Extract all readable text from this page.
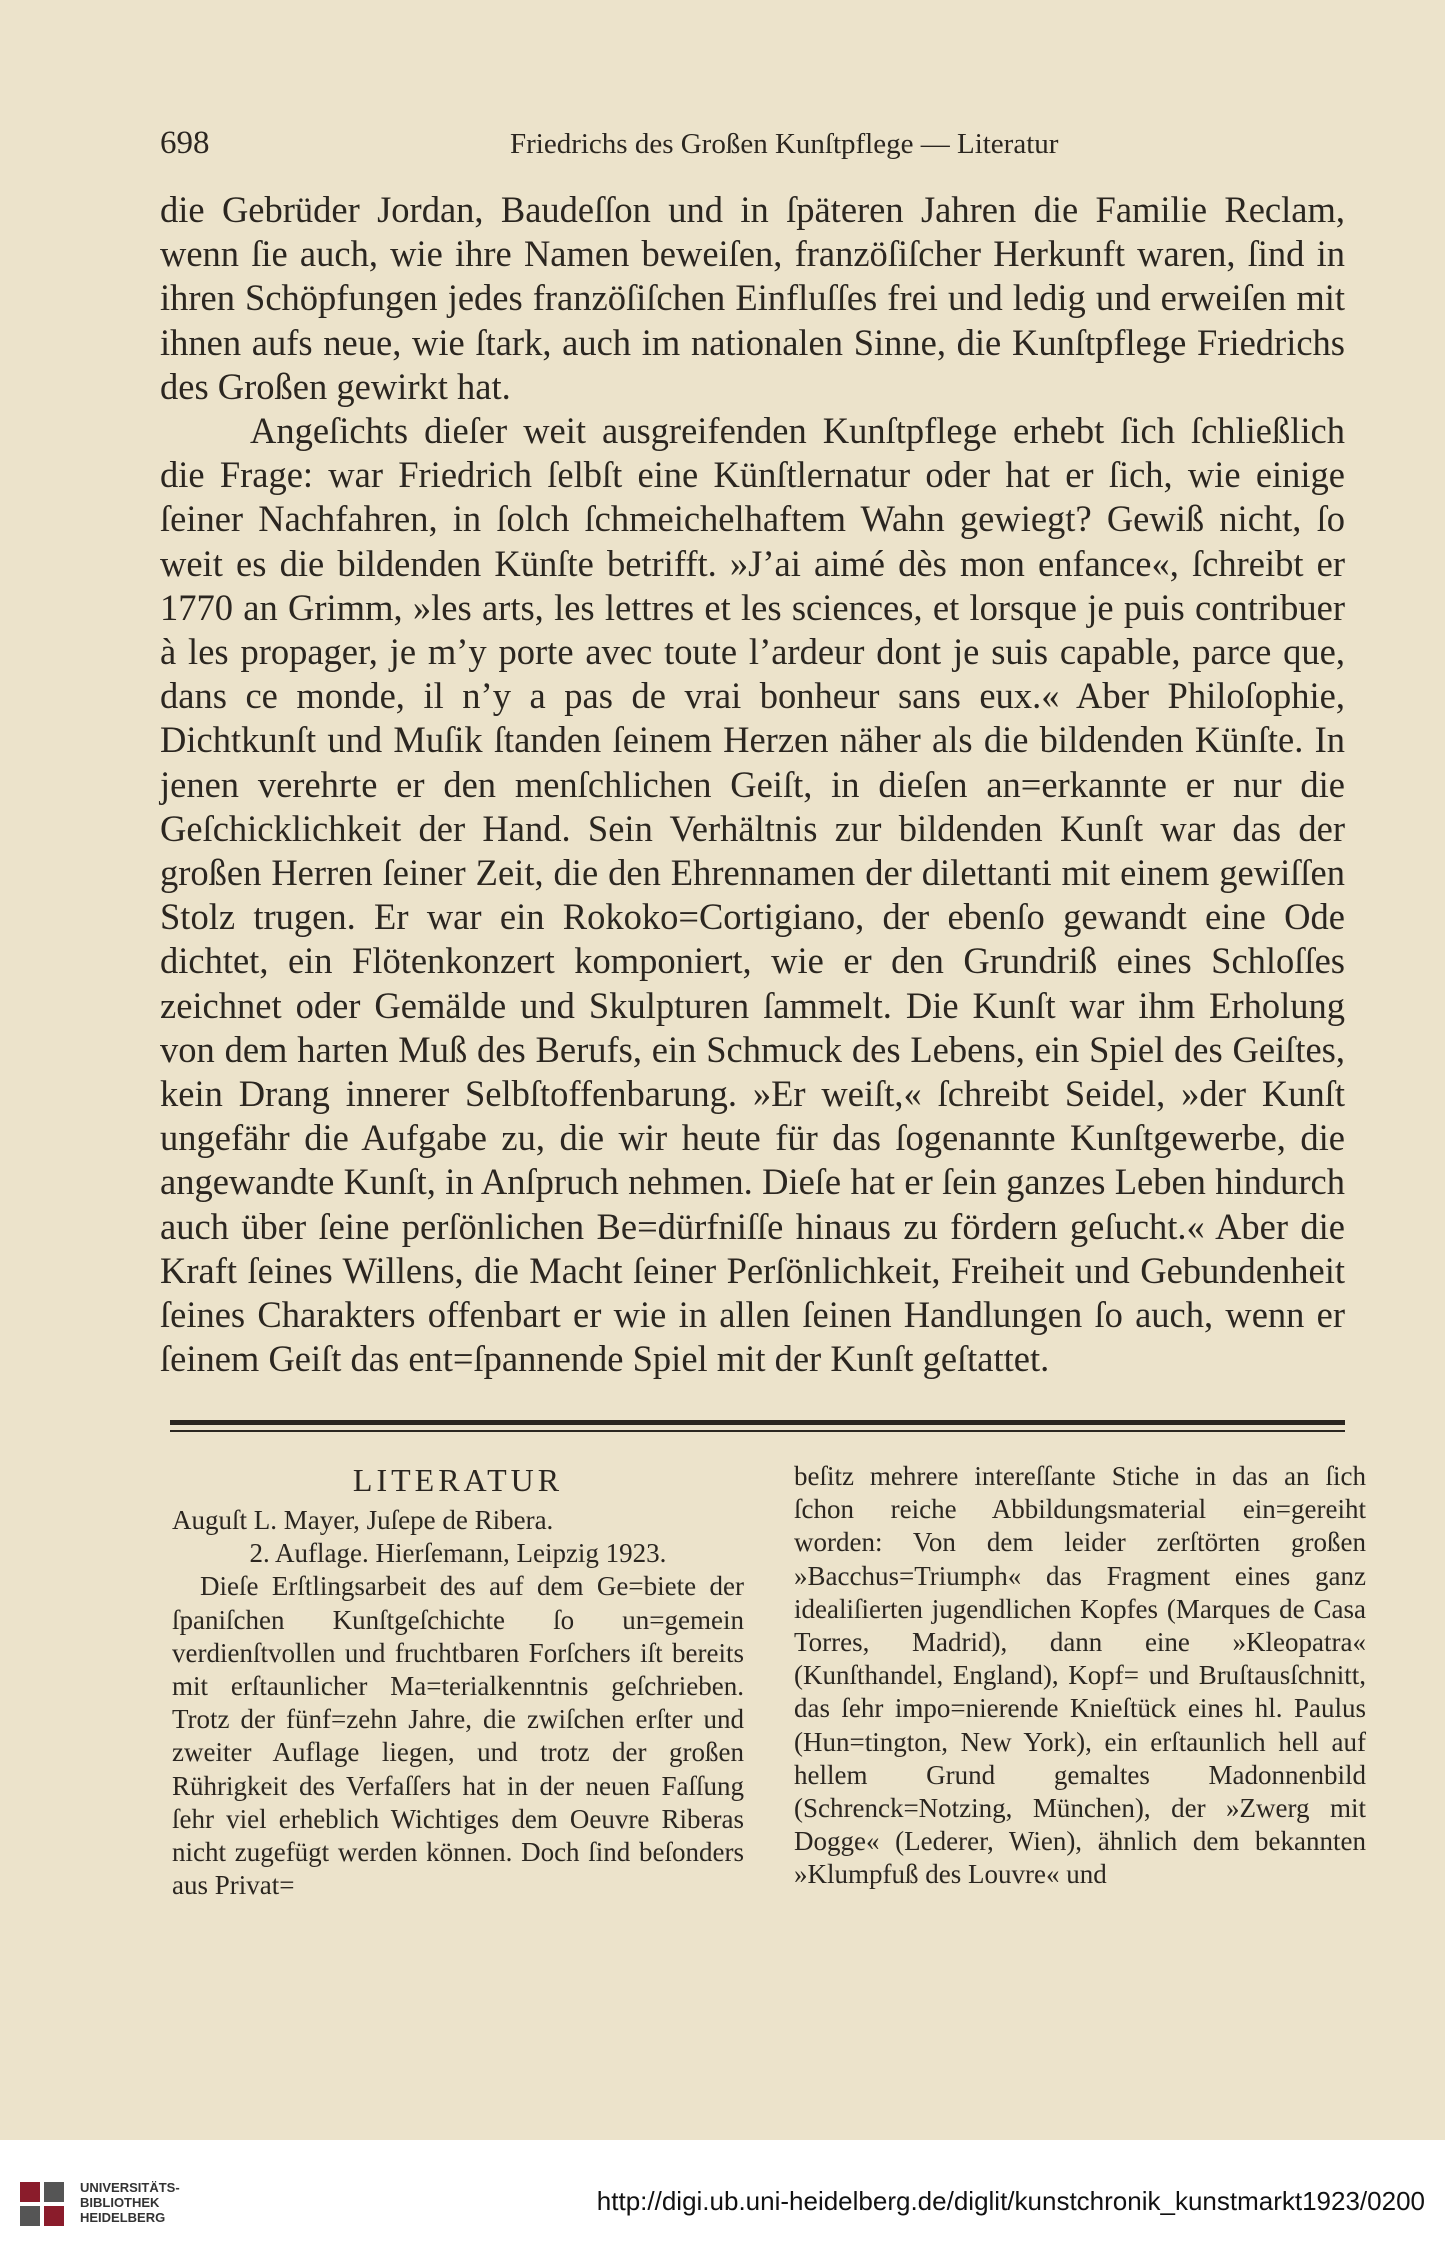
698	Friedrichs des Großen Kunſtpflege — Literatur

die Gebrüder Jordan, Baudeſſon und in ſpäteren Jahren die Familie Reclam, wenn ſie auch, wie ihre Namen beweiſen, franzöſiſcher Herkunft waren, ſind in ihren Schöpfungen jedes franzöſiſchen Einfluſſes frei und ledig und erweiſen mit ihnen aufs neue, wie ſtark, auch im nationalen Sinne, die Kunſtpflege Friedrichs des Großen gewirkt hat.

Angeſichts dieſer weit ausgreifenden Kunſtpflege erhebt ſich ſchließlich die Frage: war Friedrich ſelbſt eine Künſtlernatur oder hat er ſich, wie einige ſeiner Nachfahren, in ſolch ſchmeichelhaftem Wahn gewiegt? Gewiß nicht, ſo weit es die bildenden Künſte betrifft. »J’ai aimé dès mon enfance«, ſchreibt er 1770 an Grimm, »les arts, les lettres et les sciences, et lorsque je puis contribuer à les propager, je m’y porte avec toute l’ardeur dont je suis capable, parce que, dans ce monde, il n’y a pas de vrai bonheur sans eux.« Aber Philoſophie, Dichtkunſt und Muſik ſtanden ſeinem Herzen näher als die bildenden Künſte. In jenen verehrte er den menſchlichen Geiſt, in dieſen an=erkannte er nur die Geſchicklichkeit der Hand. Sein Verhältnis zur bildenden Kunſt war das der großen Herren ſeiner Zeit, die den Ehrennamen der dilettanti mit einem gewiſſen Stolz trugen. Er war ein Rokoko=Cortigiano, der ebenſo gewandt eine Ode dichtet, ein Flötenkonzert komponiert, wie er den Grundriß eines Schloſſes zeichnet oder Gemälde und Skulpturen ſammelt. Die Kunſt war ihm Erholung von dem harten Muß des Berufs, ein Schmuck des Lebens, ein Spiel des Geiſtes, kein Drang innerer Selbſtoffenbarung. »Er weiſt,« ſchreibt Seidel, »der Kunſt ungefähr die Aufgabe zu, die wir heute für das ſogenannte Kunſtgewerbe, die angewandte Kunſt, in Anſpruch nehmen. Dieſe hat er ſein ganzes Leben hindurch auch über ſeine perſönlichen Be=dürfniſſe hinaus zu fördern geſucht.« Aber die Kraft ſeines Willens, die Macht ſeiner Perſönlichkeit, Freiheit und Gebundenheit ſeines Charakters offenbart er wie in allen ſeinen Handlungen ſo auch, wenn er ſeinem Geiſt das ent=ſpannende Spiel mit der Kunſt geſtattet.

LITERATUR

Auguſt L. Mayer, Juſepe de Ribera.

2. Auflage. Hierſemann, Leipzig 1923.

Dieſe Erſtlingsarbeit des auf dem Ge=biete der ſpaniſchen Kunſtgeſchichte ſo un=gemein verdienſtvollen und fruchtbaren Forſchers iſt bereits mit erſtaunlicher Ma=terialkenntnis geſchrieben. Trotz der fünf=zehn Jahre, die zwiſchen erſter und zweiter Auflage liegen, und trotz der großen Rührigkeit des Verfaſſers hat in der neuen Faſſung ſehr viel erheblich Wichtiges dem Oeuvre Riberas nicht zugefügt werden können. Doch ſind beſonders aus Privat=

beſitz mehrere intereſſante Stiche in das an ſich ſchon reiche Abbildungsmaterial ein=gereiht worden: Von dem leider zerſtörten großen »Bacchus=Triumph« das Fragment eines ganz idealiſierten jugendlichen Kopfes (Marques de Casa Torres, Madrid), dann eine »Kleopatra« (Kunſthandel, England), Kopf= und Bruſtausſchnitt, das ſehr impo=nierende Knieſtück eines hl. Paulus (Hun=tington, New York), ein erſtaunlich hell auf hellem Grund gemaltes Madonnenbild (Schrenck=Notzing, München), der »Zwerg mit Dogge« (Lederer, Wien), ähnlich dem bekannten »Klumpfuß des Louvre« und

UNIVERSITÄTS-
BIBLIOTHEK
HEIDELBERG
http://digi.ub.uni-heidelberg.de/diglit/kunstchronik_kunstmarkt1923/0200
